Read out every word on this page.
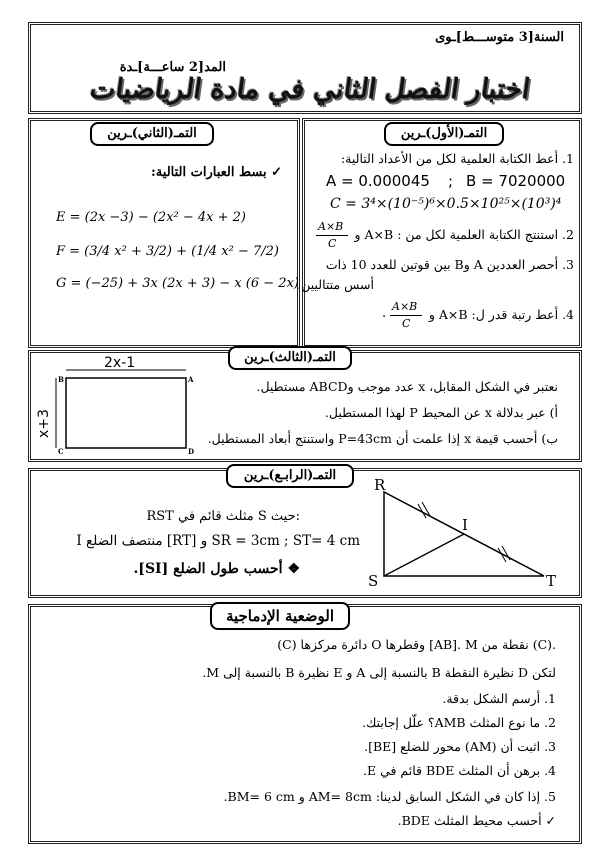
السنة[3 متوســـط]ـوى
المد[2 ساعـــة]ـدة
اختبار الفصل الثاني في مادة الرياضيات
التمـ(الأول)ـرين
1. أعط الكتابة العلمية لكل من الأعداد التالية:
A = 0.000045 ; B = 7020000
C = 3⁴×(10⁻⁵)⁶×0.5×10²⁵×(10³)⁴
2. استنتج الكتابة العلمية لكل من : A×B و
A×B
C
3. أحصر العددين A وB بين قوتين للعدد 10 ذات
أسس متتاليين.
4. أعط رتبة قدر ل: A×B و
A×B
C
.
التمـ(الثاني)ـرين
✓ بسط العبارات التالية:
E = (2x −3) − (2x² − 4x + 2)
F = (3/4 x² + 3/2) + (1/4 x² − 7/2)
G = (−25) + 3x (2x + 3) − x (6 − 2x)
التمـ(الثالث)ـرين
2x-1
x+3
B	A
C	D
نعتبر في الشكل المقابل، x عدد موجب وABCD مستطيل.
أ) عبر بدلالة x عن المحيط P لهذا المستطيل.
ب) أحسب قيمة x إذا علمت أن P=43cm واستنتج أبعاد المستطيل.
التمـ(الرابـع)ـرين
RST مثلث قائم في S حيث:
I منتصف الضلع [RT] و SR = 3cm ; ST= 4 cm
❖ أحسب طول الضلع [SI].
R
S	T
I
الوضعية الإدماجية
(C) دائرة مركزها O وقطرها [AB]. M نقطة من (C).
لتكن D نظيرة النقطة B بالنسبة إلى A و E نظيرة B بالنسبة إلى M.
1. أرسم الشكل بدقة.
2. ما نوع المثلث AMB؟ علّل إجابتك.
3. اثبت أن (AM) محور للضلع [BE].
4. برهن أن المثلث BDE قائم في E.
5. إذا كان في الشكل السابق لدينا: AM= 8cm و BM= 6 cm.
✓ أحسب محيط المثلث BDE.
